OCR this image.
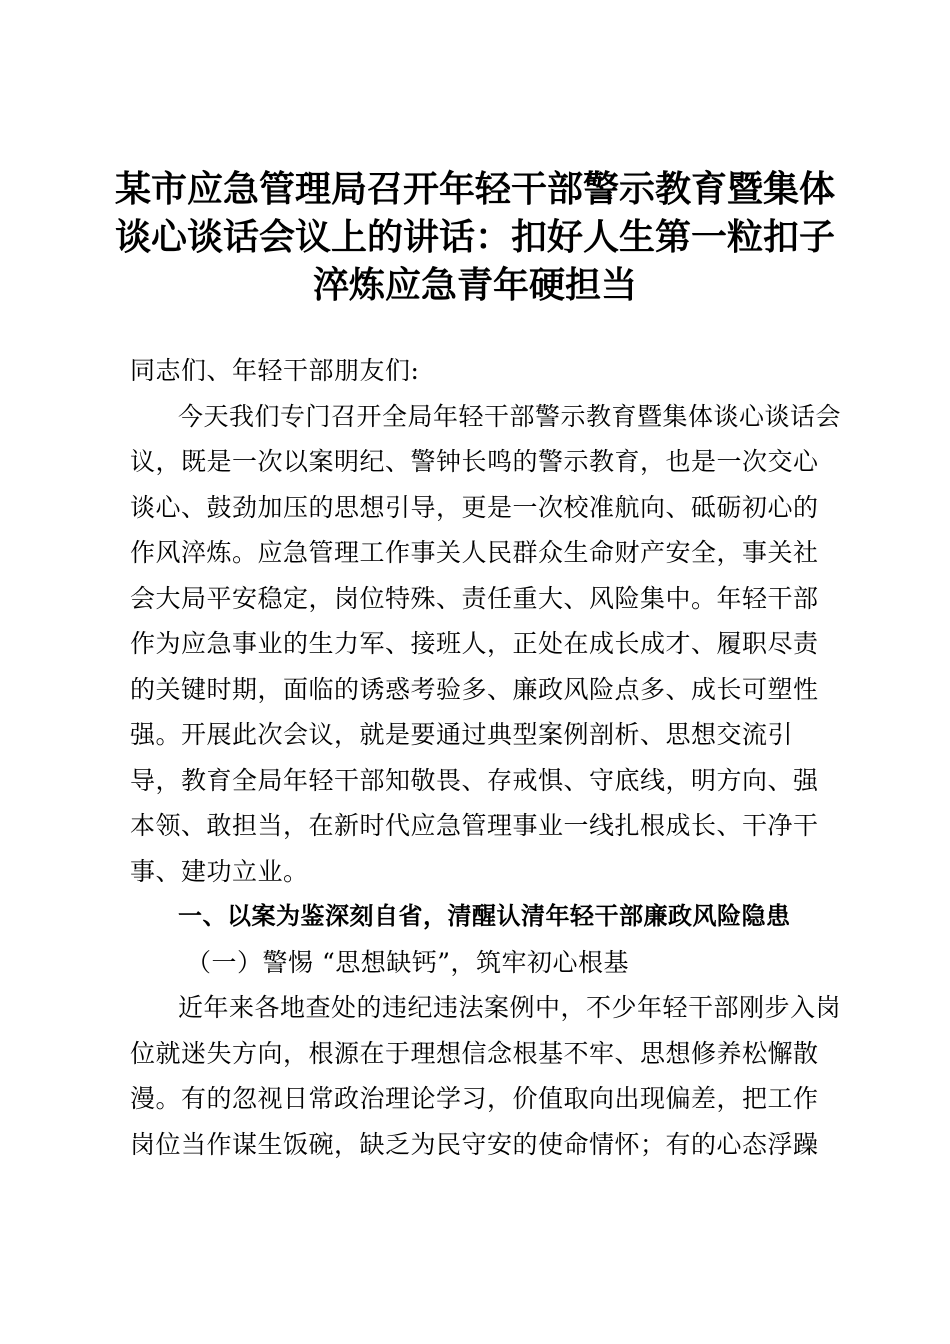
某市应急管理局召开年轻干部警示教育暨集体
谈心谈话会议上的讲话：扣好人生第一粒扣子
淬炼应急青年硬担当
同志们、年轻干部朋友们:
今天我们专门召开全局年轻干部警示教育暨集体谈心谈话会
议，既是一次以案明纪、警钟长鸣的警示教育，也是一次交心
谈心、鼓劲加压的思想引导，更是一次校准航向、砥砺初心的
作风淬炼。应急管理工作事关人民群众生命财产安全，事关社
会大局平安稳定，岗位特殊、责任重大、风险集中。年轻干部
作为应急事业的生力军、接班人，正处在成长成才、履职尽责
的关键时期，面临的诱惑考验多、廉政风险点多、成长可塑性
强。开展此次会议，就是要通过典型案例剖析、思想交流引
导，教育全局年轻干部知敬畏、存戒惧、守底线，明方向、强
本领、敢担当，在新时代应急管理事业一线扎根成长、干净干
事、建功立业。
一、以案为鉴深刻自省，清醒认清年轻干部廉政风险隐患
（一）警惕 “思想缺钙”，筑牢初心根基
近年来各地查处的违纪违法案例中，不少年轻干部刚步入岗
位就迷失方向，根源在于理想信念根基不牢、思想修养松懈散
漫。有的忽视日常政治理论学习，价值取向出现偏差，把工作
岗位当作谋生饭碗，缺乏为民守安的使命情怀；有的心态浮躁
